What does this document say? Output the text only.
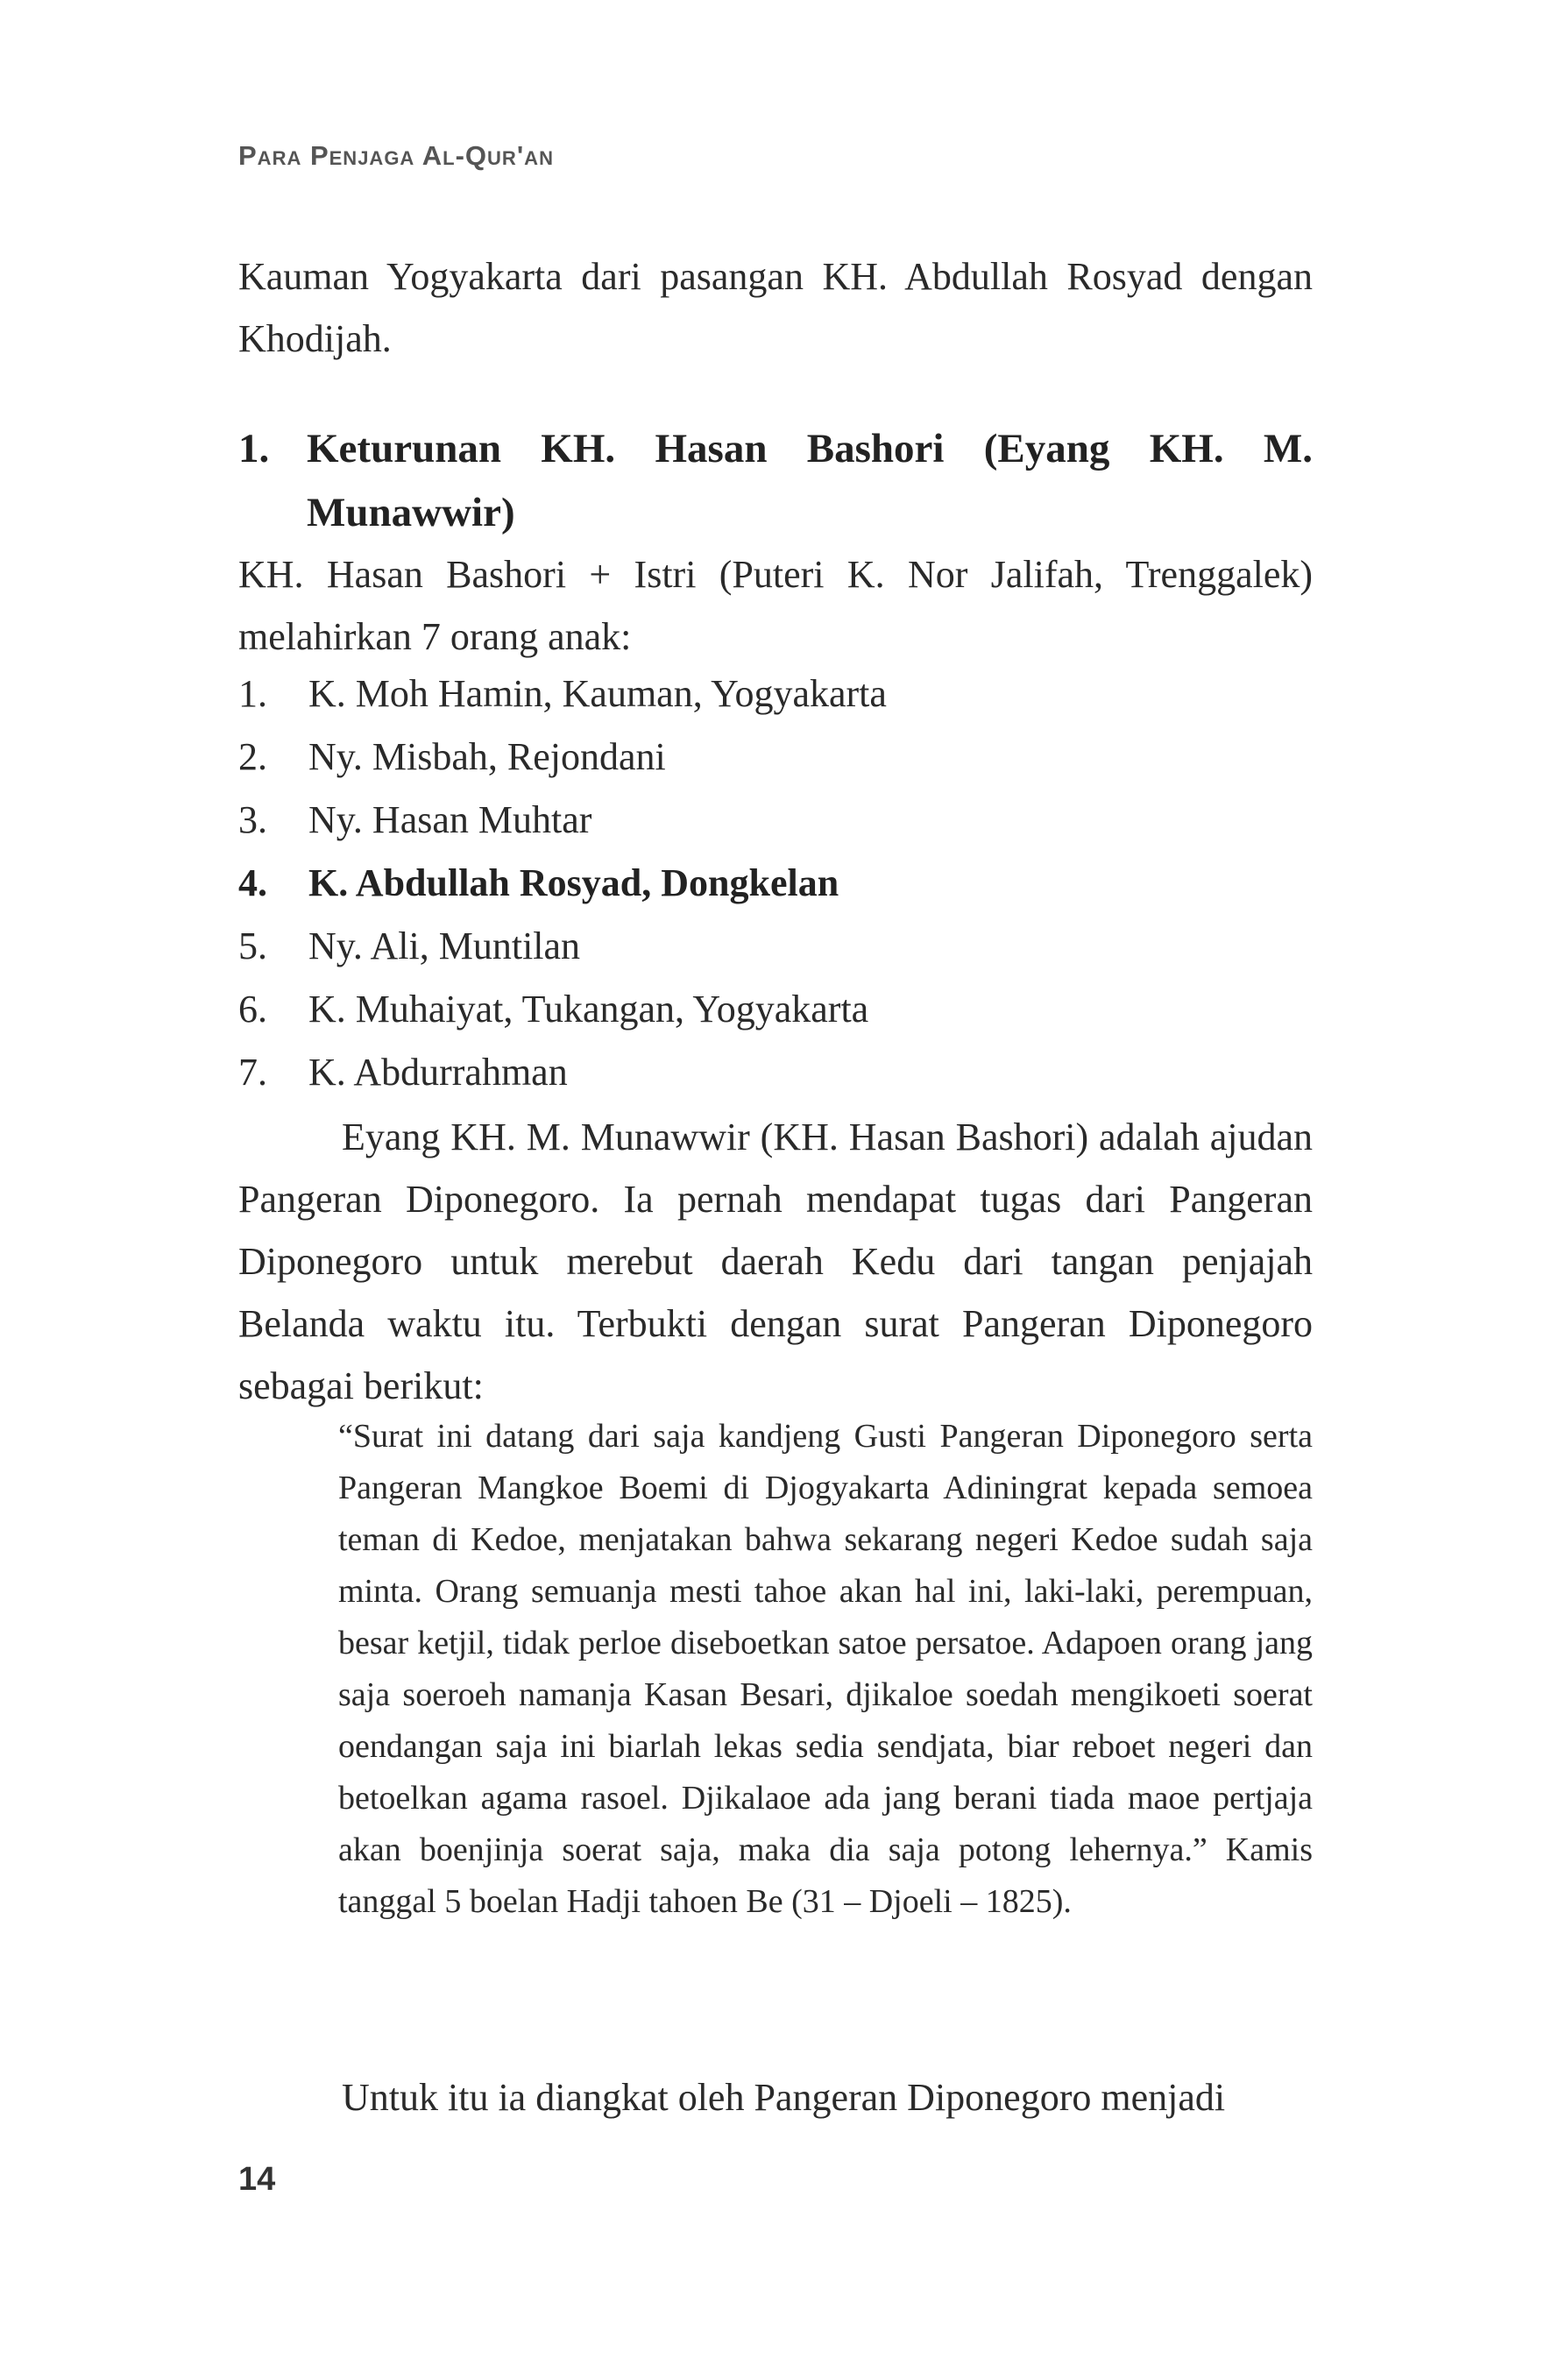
Para Penjaga Al-Qur'an
Kauman Yogyakarta dari pasangan KH. Abdullah Rosyad dengan Khodijah.
1. Keturunan KH. Hasan Bashori (Eyang KH. M. Munawwir)
KH. Hasan Bashori + Istri (Puteri K. Nor Jalifah, Trenggalek) melahirkan 7 orang anak:
1. K. Moh Hamin, Kauman, Yogyakarta
2. Ny. Misbah, Rejondani
3. Ny. Hasan Muhtar
4. K. Abdullah Rosyad, Dongkelan
5. Ny. Ali, Muntilan
6. K. Muhaiyat, Tukangan, Yogyakarta
7. K. Abdurrahman
Eyang KH. M. Munawwir (KH. Hasan Bashori) adalah ajudan Pangeran Diponegoro. Ia pernah mendapat tugas dari Pangeran Diponegoro untuk merebut daerah Kedu dari tangan penjajah Belanda waktu itu. Terbukti dengan surat Pangeran Diponegoro sebagai berikut:
“Surat ini datang dari saja kandjeng Gusti Pangeran Diponegoro serta Pangeran Mangkoe Boemi di Djogyakarta Adiningrat kepada semoea teman di Kedoe, menjatakan bahwa sekarang negeri Kedoe sudah saja minta. Orang semuanja mesti tahoe akan hal ini, laki-laki, perempuan, besar ketjil, tidak perloe diseboetkan satoe persatoe. Adapoen orang jang saja soeroeh namanja Kasan Besari, djikaloe soedah mengikoeti soerat oendangan saja ini biarlah lekas sedia sendjata, biar reboet negeri dan betoelkan agama rasoel. Djikalaoe ada jang berani tiada maoe pertjaja akan boenjinja soerat saja, maka dia saja potong lehernya.” Kamis tanggal 5 boelan Hadji tahoen Be (31 – Djoeli – 1825).
Untuk itu ia diangkat oleh Pangeran Diponegoro menjadi
14
